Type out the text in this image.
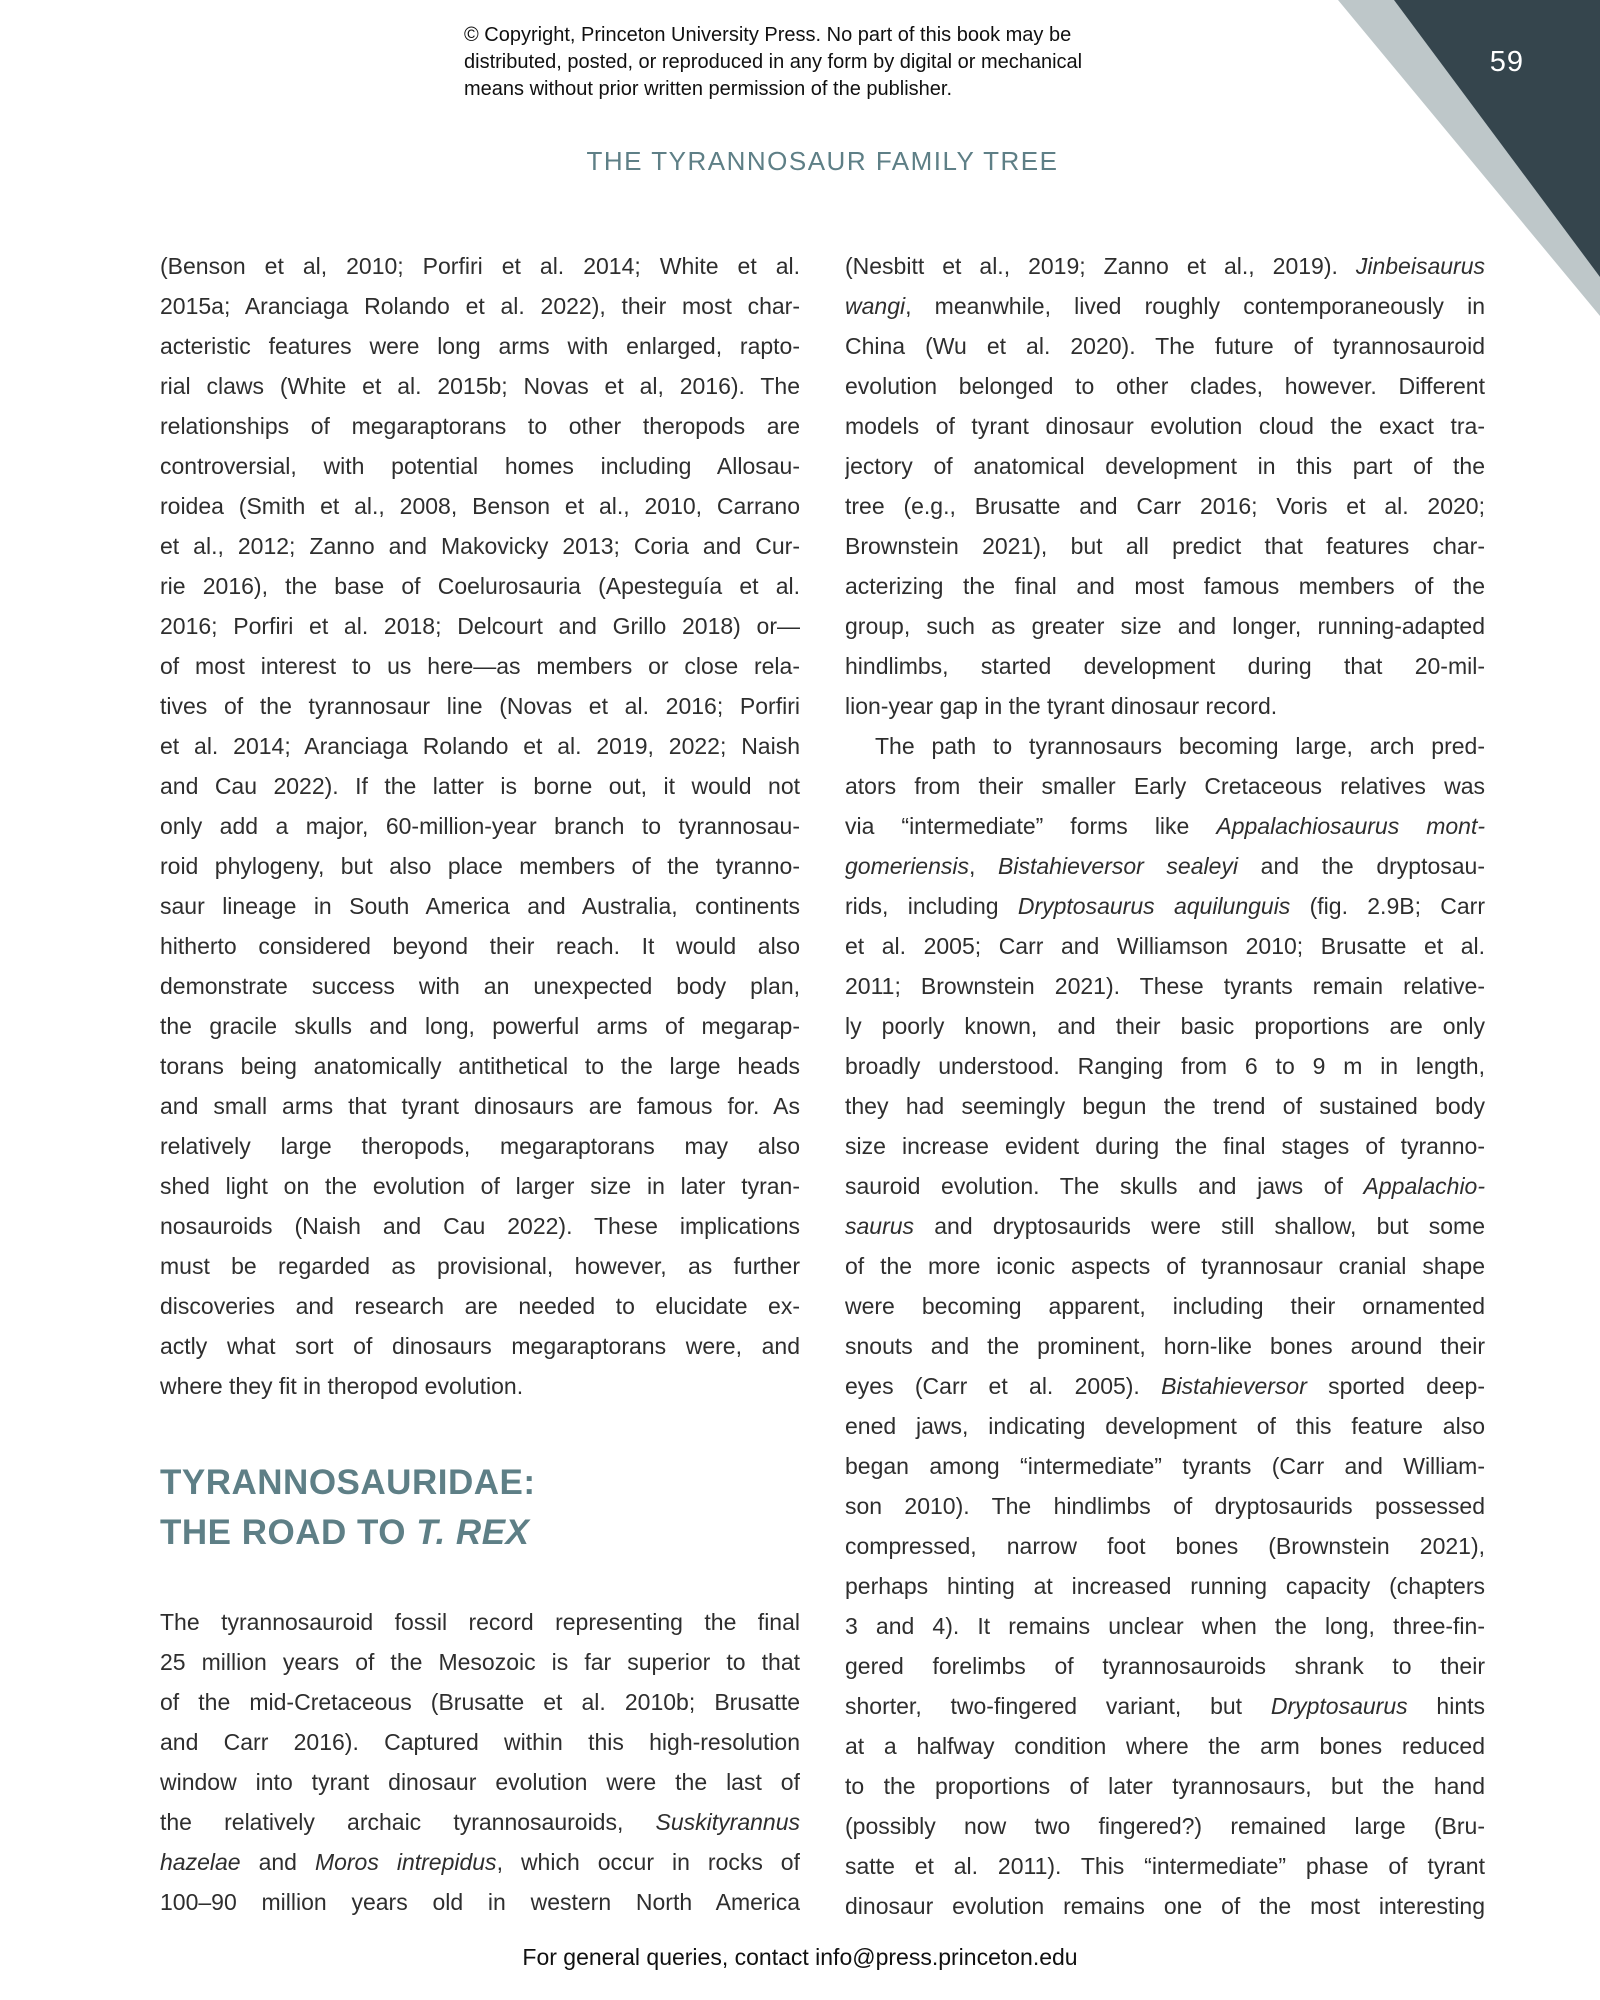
59
© Copyright, Princeton University Press. No part of this book may be
distributed, posted, or reproduced in any form by digital or mechanical
means without prior written permission of the publisher.
THE TYRANNOSAUR FAMILY TREE
(Benson et al, 2010; Porfiri et al. 2014; White et al.
2015a; Aranciaga Rolando et al. 2022), their most char-
acteristic features were long arms with enlarged, rapto-
rial claws (White et al. 2015b; Novas et al, 2016). The
relationships of megaraptorans to other theropods are
controversial, with potential homes including Allosau-
roidea (Smith et al., 2008, Benson et al., 2010, Carrano
et al., 2012; Zanno and Makovicky 2013; Coria and Cur-
rie 2016), the base of Coelurosauria (Apesteguía et al.
2016; Porfiri et al. 2018; Delcourt and Grillo 2018) or—
of most interest to us here—as members or close rela-
tives of the tyrannosaur line (Novas et al. 2016; Porfiri
et al. 2014; Aranciaga Rolando et al. 2019, 2022; Naish
and Cau 2022). If the latter is borne out, it would not
only add a major, 60-million-year branch to tyrannosau-
roid phylogeny, but also place members of the tyranno-
saur lineage in South America and Australia, continents
hitherto considered beyond their reach. It would also
demonstrate success with an unexpected body plan,
the gracile skulls and long, powerful arms of megarap-
torans being anatomically antithetical to the large heads
and small arms that tyrant dinosaurs are famous for. As
relatively large theropods, megaraptorans may also
shed light on the evolution of larger size in later tyran-
nosauroids (Naish and Cau 2022). These implications
must be regarded as provisional, however, as further
discoveries and research are needed to elucidate ex-
actly what sort of dinosaurs megaraptorans were, and
where they fit in theropod evolution.
TYRANNOSAURIDAE:
THE ROAD TO T. REX
The tyrannosauroid fossil record representing the final
25 million years of the Mesozoic is far superior to that
of the mid-Cretaceous (Brusatte et al. 2010b; Brusatte
and Carr 2016). Captured within this high-resolution
window into tyrant dinosaur evolution were the last of
the relatively archaic tyrannosauroids, Suskityrannus
hazelae and Moros intrepidus, which occur in rocks of
100–90 million years old in western North America
(Nesbitt et al., 2019; Zanno et al., 2019). Jinbeisaurus
wangi, meanwhile, lived roughly contemporaneously in
China (Wu et al. 2020). The future of tyrannosauroid
evolution belonged to other clades, however. Different
models of tyrant dinosaur evolution cloud the exact tra-
jectory of anatomical development in this part of the
tree (e.g., Brusatte and Carr 2016; Voris et al. 2020;
Brownstein 2021), but all predict that features char-
acterizing the final and most famous members of the
group, such as greater size and longer, running-adapted
hindlimbs, started development during that 20-mil-
lion-year gap in the tyrant dinosaur record.
The path to tyrannosaurs becoming large, arch pred-
ators from their smaller Early Cretaceous relatives was
via “intermediate” forms like Appalachiosaurus mont-
gomeriensis, Bistahieversor sealeyi and the dryptosau-
rids, including Dryptosaurus aquilunguis (fig. 2.9B; Carr
et al. 2005; Carr and Williamson 2010; Brusatte et al.
2011; Brownstein 2021). These tyrants remain relative-
ly poorly known, and their basic proportions are only
broadly understood. Ranging from 6 to 9 m in length,
they had seemingly begun the trend of sustained body
size increase evident during the final stages of tyranno-
sauroid evolution. The skulls and jaws of Appalachio-
saurus and dryptosaurids were still shallow, but some
of the more iconic aspects of tyrannosaur cranial shape
were becoming apparent, including their ornamented
snouts and the prominent, horn-like bones around their
eyes (Carr et al. 2005). Bistahieversor sported deep-
ened jaws, indicating development of this feature also
began among “intermediate” tyrants (Carr and William-
son 2010). The hindlimbs of dryptosaurids possessed
compressed, narrow foot bones (Brownstein 2021),
perhaps hinting at increased running capacity (chapters
3 and 4). It remains unclear when the long, three-fin-
gered forelimbs of tyrannosauroids shrank to their
shorter, two-fingered variant, but Dryptosaurus hints
at a halfway condition where the arm bones reduced
to the proportions of later tyrannosaurs, but the hand
(possibly now two fingered?) remained large (Bru-
satte et al. 2011). This “intermediate” phase of tyrant
dinosaur evolution remains one of the most interesting
For general queries, contact info@press.princeton.edu
